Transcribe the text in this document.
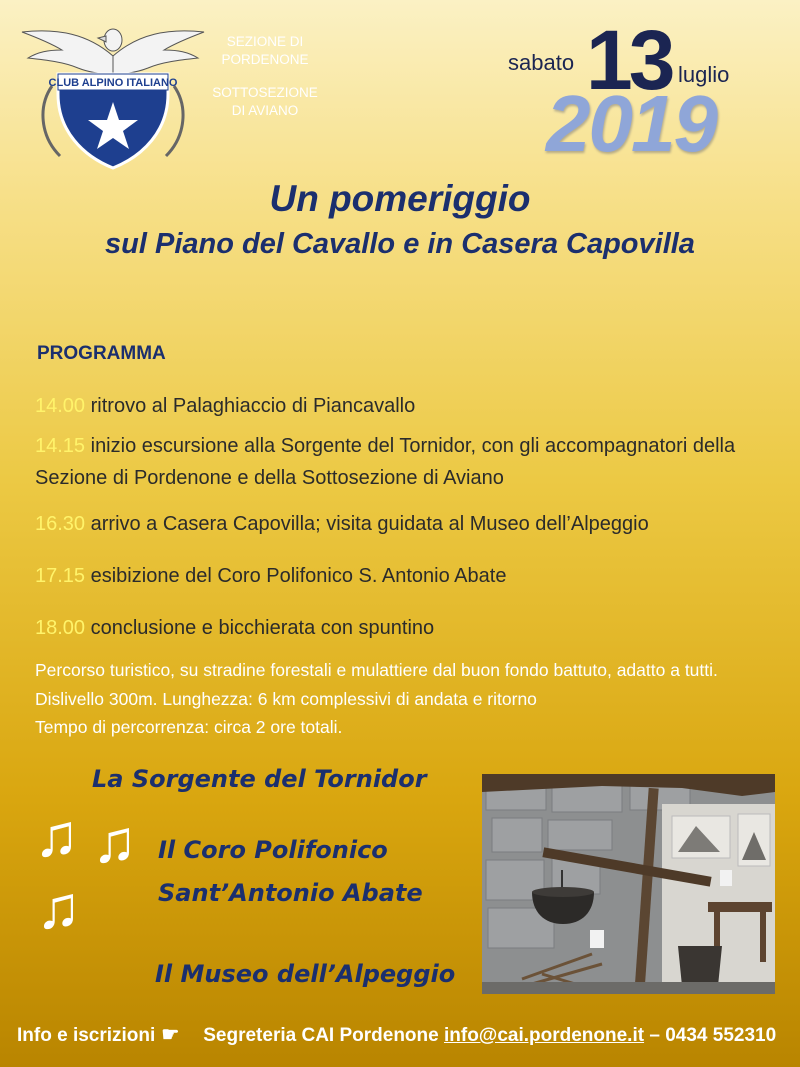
CLUB ALPINO ITALIANO
SEZIONE DI
PORDENONE
SOTTOSEZIONE
DI AVIANO
sabato 13 luglio
2019
Un pomeriggio
sul Piano del Cavallo e in Casera Capovilla
PROGRAMMA
14.00 ritrovo al Palaghiaccio di Piancavallo
14.15 inizio escursione alla Sorgente del Tornidor, con gli accompagnatori della Sezione di Pordenone e della Sottosezione di Aviano
16.30 arrivo a Casera Capovilla; visita guidata al Museo dell’Alpeggio
17.15 esibizione del Coro Polifonico S. Antonio Abate
18.00 conclusione e bicchierata con spuntino
Percorso turistico, su stradine forestali e mulattiere dal buon fondo battuto, adatto a tutti. Dislivello 300m. Lunghezza: 6 km complessivi di andata e ritorno
Tempo di percorrenza: circa 2 ore totali.
La Sorgente del Tornidor
♫ ♫
♫
Il Coro Polifonico
Sant’Antonio Abate
Il Museo dell’Alpeggio
Info e iscrizioni ☛ Segreteria CAI Pordenone info@cai.pordenone.it – 0434 552310
